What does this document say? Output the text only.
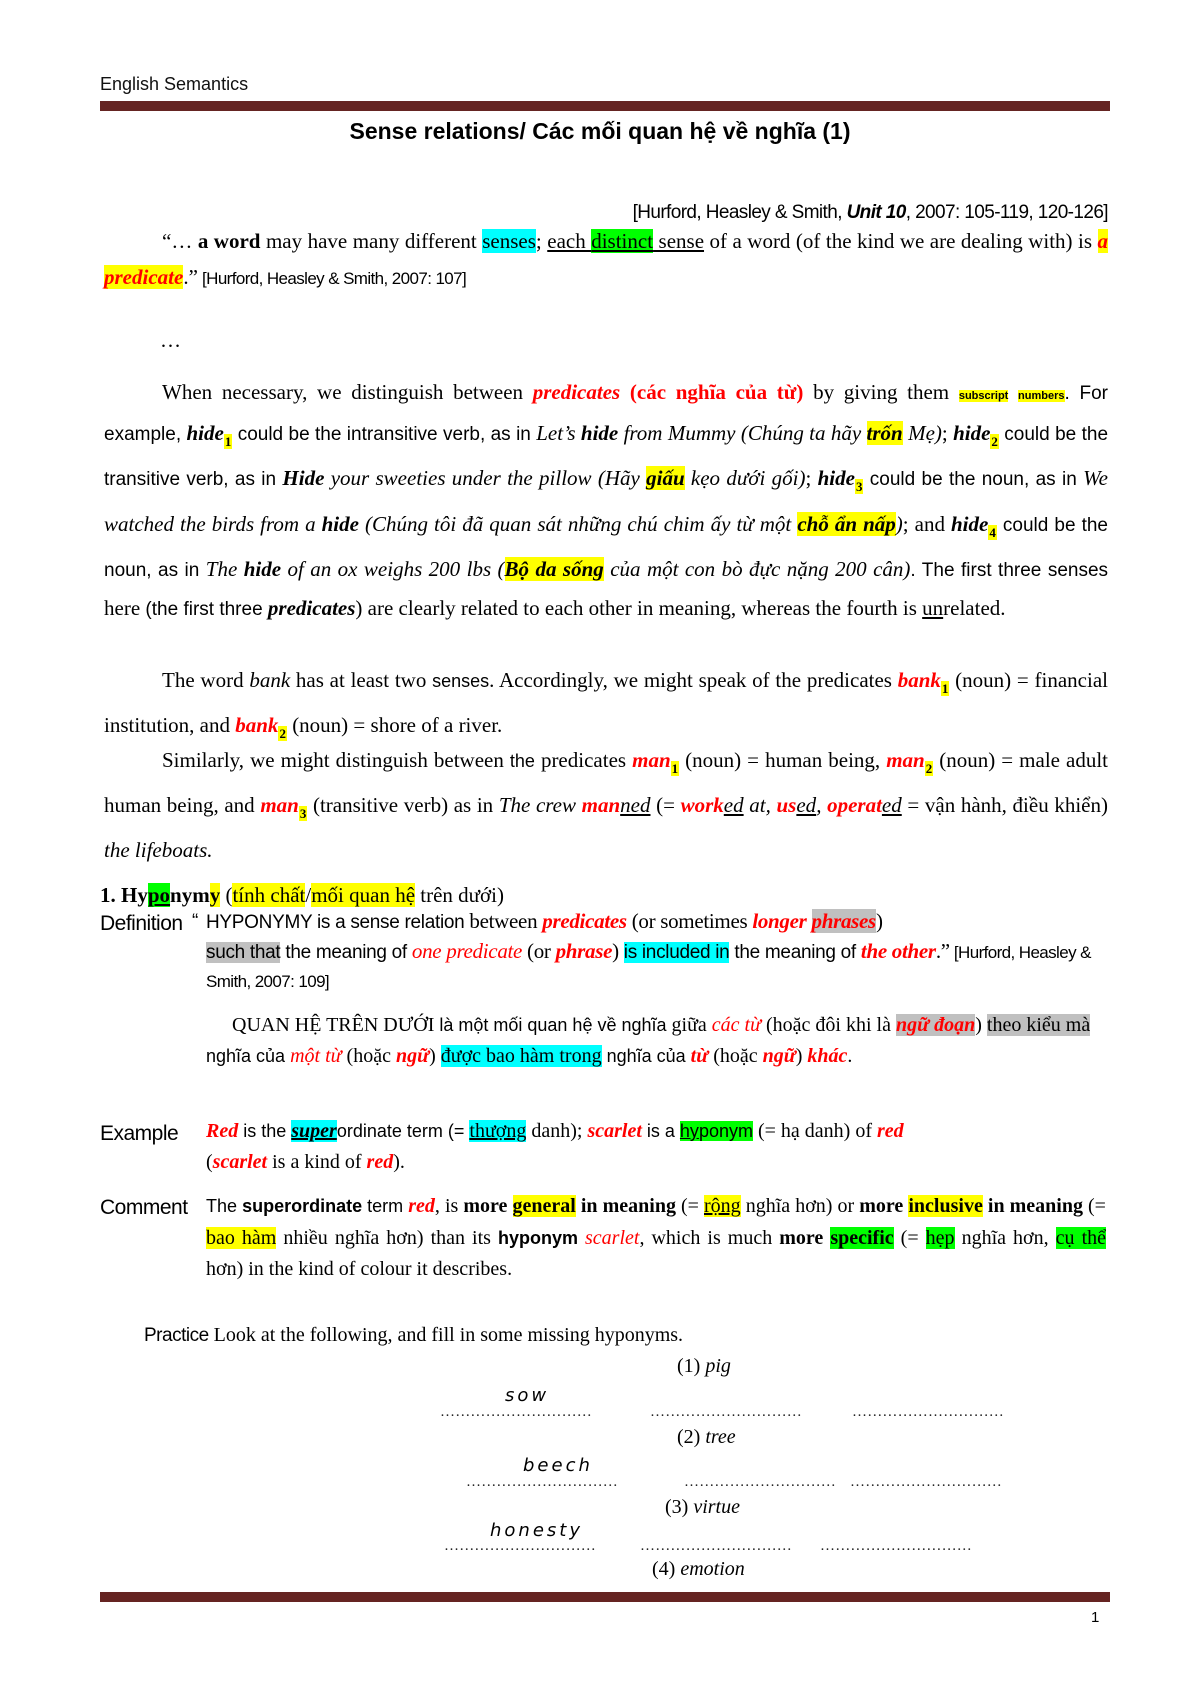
English Semantics
Sense relations/ Các mối quan hệ về nghĩa (1)
[Hurford, Heasley & Smith, Unit 10, 2007: 105-119, 120-126]
“… a word may have many different senses; each distinct sense of a word (of the kind we are dealing with) is a predicate.” [Hurford, Heasley & Smith, 2007: 107]
…
When necessary, we distinguish between predicates (các nghĩa của từ) by giving them subscript numbers. For example, hide$_1$ could be the intransitive verb, as in Let’s hide from Mummy (Chúng ta hãy trốn Mẹ); hide$_2$ could be the transitive verb, as in Hide your sweeties under the pillow (Hãy giấu kẹo dưới gối); hide$_3$ could be the noun, as in We watched the birds from a hide (Chúng tôi đã quan sát những chú chim ấy từ một chỗ ẩn nấp); and hide$_4$ could be the noun, as in The hide of an ox weighs 200 lbs (Bộ da sống của một con bò đực nặng 200 cân). The first three senses here (the first three predicates) are clearly related to each other in meaning, whereas the fourth is unrelated.
The word bank has at least two senses. Accordingly, we might speak of the predicates bank$_1$ (noun) = financial institution, and bank$_2$ (noun) = shore of a river.
Similarly, we might distinguish between the predicates man$_1$ (noun) = human being, man$_2$ (noun) = male adult human being, and man$_3$ (transitive verb) as in The crew manned (= worked at, used, operated = vận hành, điều khiển) the lifeboats.
1. Hyponymy (tính chất/mối quan hệ trên dưới)
Definition “ HYPONYMY is a sense relation between predicates (or sometimes longer phrases)
such that the meaning of one predicate (or phrase) is included in the meaning of the other.” [Hurford, Heasley & Smith, 2007: 109]
QUAN HỆ TRÊN DƯỚI là một mối quan hệ về nghĩa giữa các từ (hoặc đôi khi là ngữ đoạn) theo kiểu mà nghĩa của một từ (hoặc ngữ) được bao hàm trong nghĩa của từ (hoặc ngữ) khác.
Example Red is the superordinate term (= thượng danh); scarlet is a hyponym (= hạ danh) of red
(scarlet is a kind of red).
Comment The superordinate term red, is more general in meaning (= rộng nghĩa hơn) or more inclusive in meaning (= bao hàm nhiều nghĩa hơn) than its hyponym scarlet, which is much more specific (= hẹp nghĩa hơn, cụ thể hơn) in the kind of colour it describes.
Practice Look at the following, and fill in some missing hyponyms.
(1) pig
sow
…………………………	…………………………	…………………………
(2) tree
beech
…………………………	………………………… …………………………
(3) virtue
honesty
…………………………	………………………… …………………………
(4) emotion
1
